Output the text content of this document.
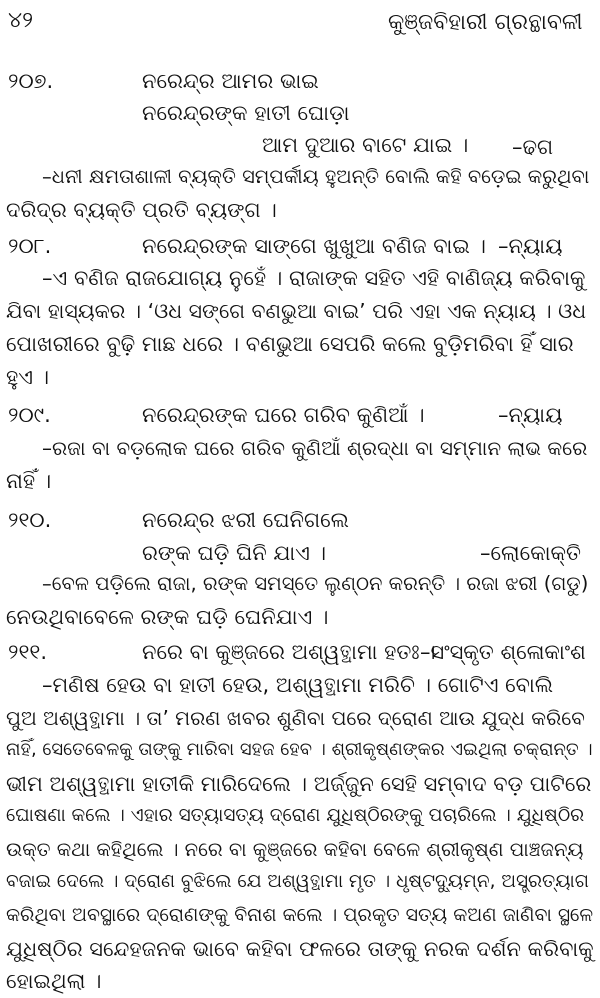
୪୨	କୁଞ୍ଜବିହାରୀ ଗ୍ରନ୍ଥାବଳୀ
୨୦୭.	ନରେନ୍ଦ୍ର ଆମର ଭାଇ
ନରେନ୍ଦ୍ରଙ୍କ ହାତୀ ଘୋଡ଼ା
ଆମ ଦୁଆର ବାଟେ ଯାଇ । –ଢଗ
–ଧନୀ କ୍ଷମତାଶାଳୀ ବ୍ୟକ୍ତି ସମ୍ପର୍କୀୟ ହୁଅନ୍ତି ବୋଲି କହି ବଡ଼େଇ କରୁଥିବା
ଦରିଦ୍ର ବ୍ୟକ୍ତି ପ୍ରତି ବ୍ୟଙ୍ଗ ।
୨୦୮.	ନରେନ୍ଦ୍ରଙ୍କ ସାଙ୍ଗେ ଖୁଖୁଆ ବଣିଜ ବାଇ । –ନ୍ୟାୟ
–ଏ ବଣିଜ ରାଜଯୋଗ୍ୟ ନୁହେଁ । ରାଜାଙ୍କ ସହିତ ଏହି ବାଣିଜ୍ୟ କରିବାକୁ
ଯିବା ହାସ୍ୟକର । ‘ଓଧ ସଙ୍ଗେ ବଣଭୁଆ ବାଇ’ ପରି ଏହା ଏକ ନ୍ୟାୟ । ଓଧ
ପୋଖରୀରେ ବୁଢ଼ି ମାଛ ଧରେ । ବଣଭୁଆ ସେପରି କଲେ ବୁଡ଼ିମରିବା ହିଁ ସାର
ହୁଏ ।
୨୦୯.	ନରେନ୍ଦ୍ରଙ୍କ ଘରେ ଗରିବ କୁଣିଆଁ ।	–ନ୍ୟାୟ
–ରଜା ବା ବଡ଼ଲୋକ ଘରେ ଗରିବ କୁଣିଆଁ ଶ୍ରଦ୍ଧା ବା ସମ୍ମାନ ଲାଭ କରେ
ନାହିଁ ।
୨୧୦.	ନରେନ୍ଦ୍ର ଝରୀ ଘେନିଗଲେ
ରଙ୍କ ଘଡ଼ି ଘିନି ଯାଏ ।	–ଲୋକୋକ୍ତି
–ବେଳ ପଡ଼ିଲେ ରାଜା, ରଙ୍କ ସମସ୍ତେ ଲୁଣ୍ଠନ କରନ୍ତି । ରଜା ଝରୀ (ଗଡୁ)
ନେଉଥିବାବେଳେ ରଙ୍କ ଘଡ଼ି ଘେନିଯାଏ ।
୨୧୧.	ନରେ ବା କୁଞ୍ଜରେ ଅଶ୍ୱତ୍ଥାମା ହତଃ ।
–ସଂସ୍କୃତ ଶ୍ଳୋକାଂଶ
–ମଣିଷ ହେଉ ବା ହାତୀ ହେଉ, ଅଶ୍ୱତ୍ଥାମା ମରିଚି । ଗୋଟିଏ ବୋଲି
ପୁଅ ଅଶ୍ୱତ୍ଥାମା । ତା’ ମରଣ ଖବର ଶୁଣିବା ପରେ ଦ୍ରୋଣ ଆଉ ଯୁଦ୍ଧ କରିବେ
ନାହିଁ, ସେତେବେଳକୁ ତାଙ୍କୁ ମାରିବା ସହଜ ହେବ । ଶ୍ରୀକୃଷ୍ଣଙ୍କର ଏଇଥିଲା ଚକ୍ରାନ୍ତ ।
ଭୀମ ଅଶ୍ୱତ୍ଥାମା ହାତୀକି ମାରିଦେଲେ । ଅର୍ଜ୍ଜୁନ ସେହି ସମ୍ବାଦ ବଡ଼ ପାଟିରେ
ଘୋଷଣା କଲେ । ଏହାର ସତ୍ୟାସତ୍ୟ ଦ୍ରୋଣ ଯୁଧିଷ୍ଠିରଙ୍କୁ ପଚାରିଲେ । ଯୁଧିଷ୍ଠିର
ଉକ୍ତ କଥା କହିଥିଲେ । ନରେ ବା କୁଞ୍ଜରେ କହିବା ବେଳେ ଶ୍ରୀକୃଷ୍ଣ ପାଞ୍ଚଜନ୍ୟ
ବଜାଇ ଦେଲେ । ଦ୍ରୋଣ ବୁଝିଲେ ଯେ ଅଶ୍ୱତ୍ଥାମା ମୃତ । ଧୃଷ୍ଟଦ୍ୟୁମ୍ନ, ଅସ୍ତ୍ରତ୍ୟାଗ
କରିଥିବା ଅବସ୍ଥାରେ ଦ୍ରୋଣଙ୍କୁ ବିନାଶ କଲେ । ପ୍ରକୃତ ସତ୍ୟ କଅଣ ଜାଣିବା ସ୍ଥଳେ
ଯୁଧିଷ୍ଠିର ସନ୍ଦେହଜନକ ଭାବେ କହିବା ଫଳରେ ତାଙ୍କୁ ନରକ ଦର୍ଶନ କରିବାକୁ
ହୋଇଥିଲା ।
